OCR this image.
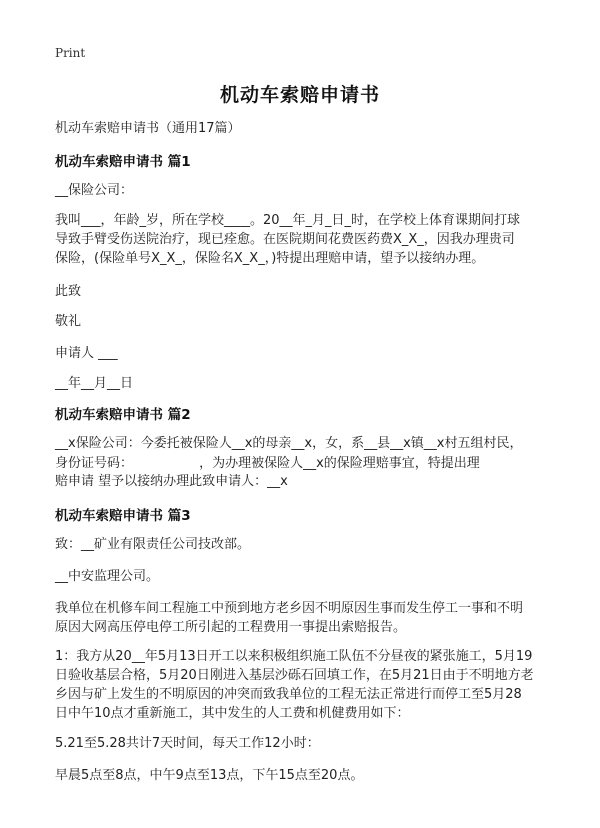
Print
机动车索赔申请书
机动车索赔申请书（通用17篇）
机动车索赔申请书 篇1
__保险公司：
我叫___，年龄_岁，所在学校____。20__年_月_日_时，在学校上体育课期间打球
导致手臂受伤送院治疗，现已痊愈。在医院期间花费医药费X_X_，因我办理贵司
保险，(保险单号X_X_，保险名X_X_，)特提出理赔申请，望予以接纳办理。
此致
敬礼
申请人 ___
__年__月__日
机动车索赔申请书 篇2
__x保险公司：今委托被保险人__x的母亲__x，女，系__县__x镇__x村五组村民，
身份证号码：                ，为办理被保险人__x的保险理赔事宜，特提出理
赔申请 望予以接纳办理此致申请人：__x
机动车索赔申请书 篇3
致：__矿业有限责任公司技改部。
__中安监理公司。
我单位在机修车间工程施工中预到地方老乡因不明原因生事而发生停工一事和不明
原因大网高压停电停工所引起的工程费用一事提出索赔报告。
1：我方从20__年5月13日开工以来积极组织施工队伍不分昼夜的紧张施工，5月19
日验收基层合格，5月20日刚进入基层沙砾石回填工作，在5月21日由于不明地方老
乡因与矿上发生的不明原因的冲突而致我单位的工程无法正常进行而停工至5月28
日中午10点才重新施工，其中发生的人工费和机健费用如下：
5.21至5.28共计7天时间，每天工作12小时：
早晨5点至8点，中午9点至13点，下午15点至20点。
